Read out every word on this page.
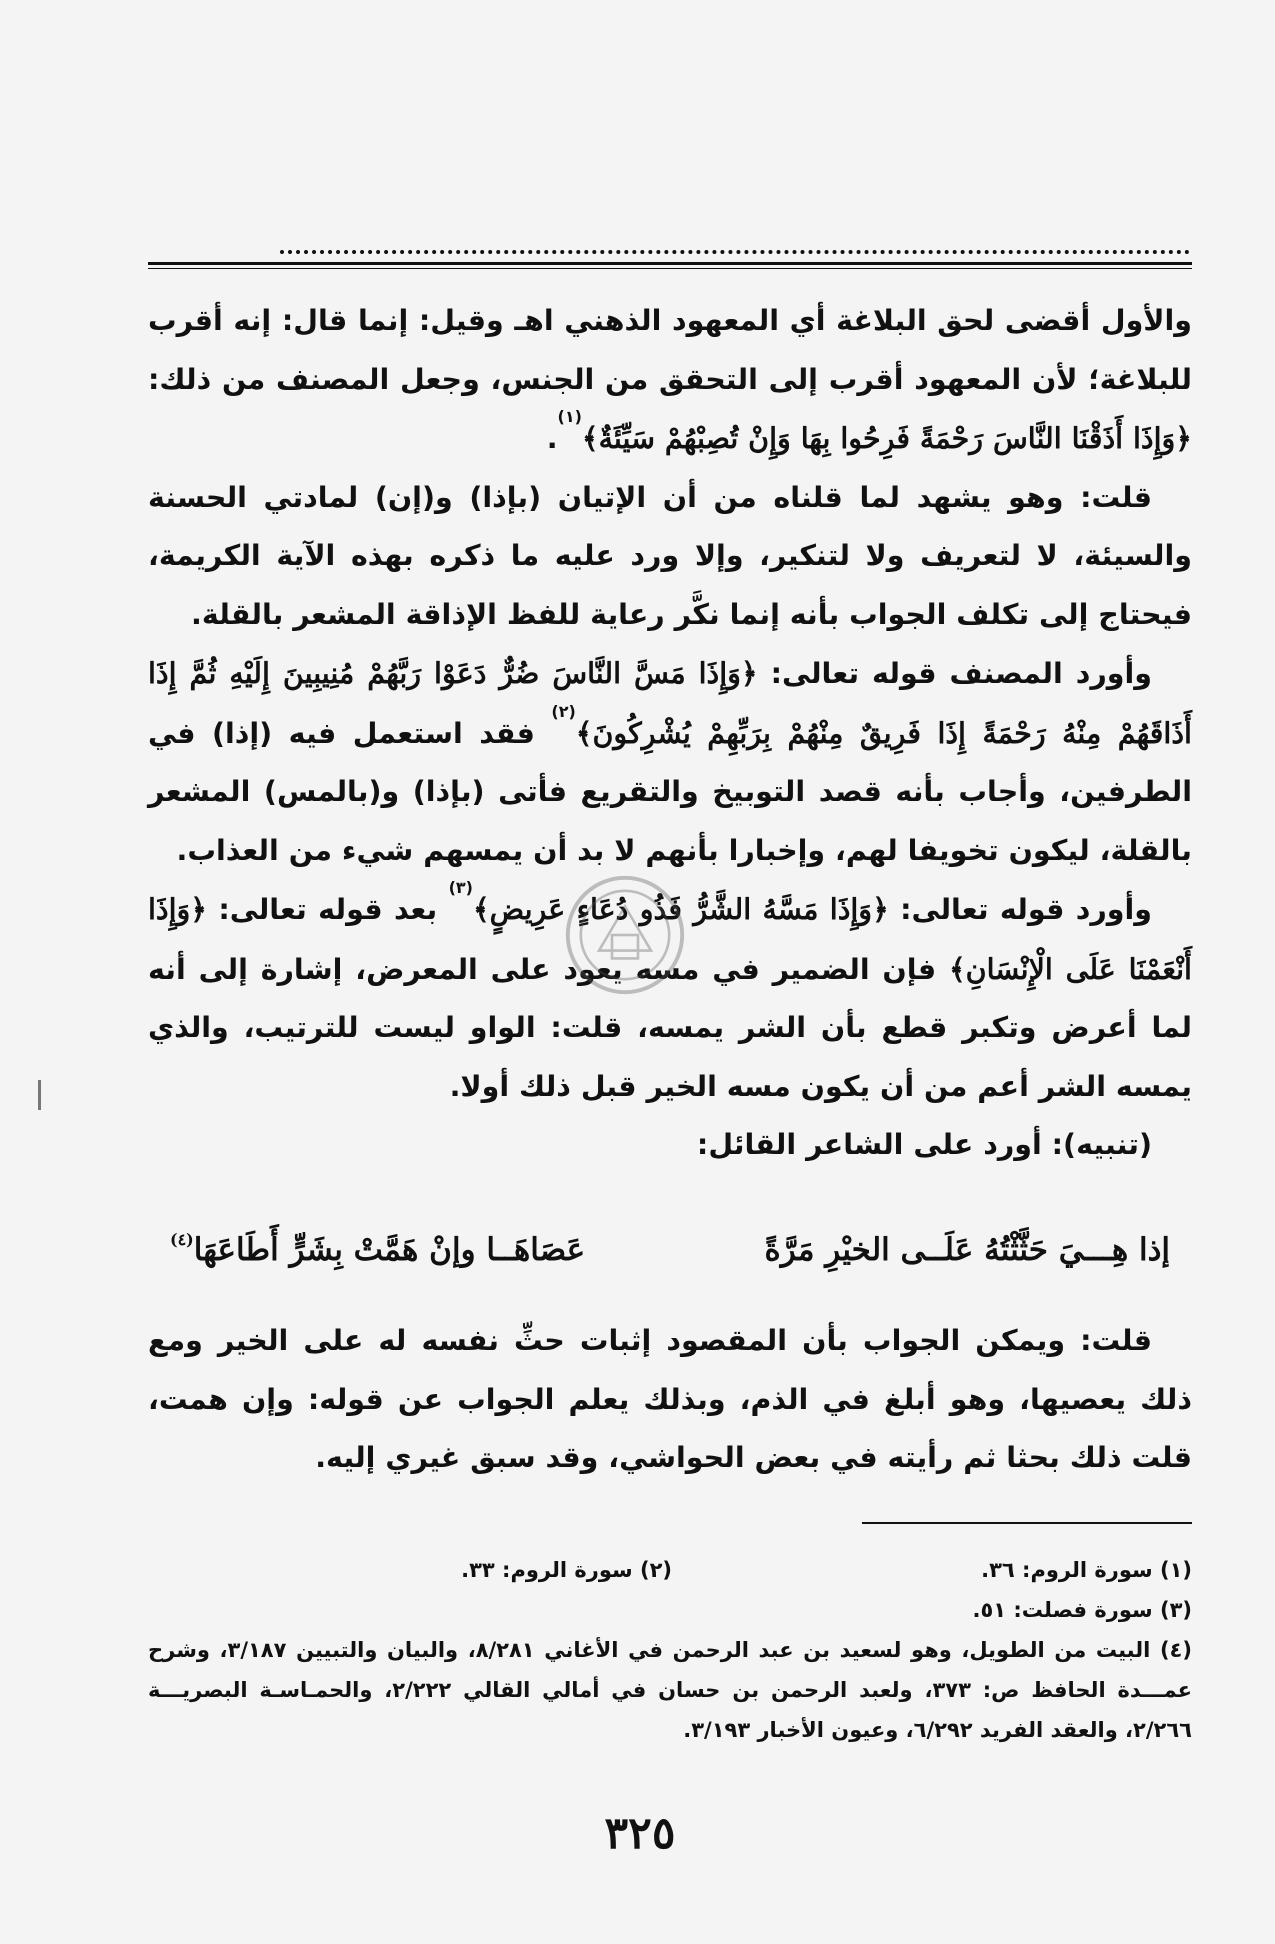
والأول أقضى لحق البلاغة أي المعهود الذهني اهـ وقيل: إنما قال: إنه أقرب للبلاغة؛ لأن المعهود أقرب إلى التحقق من الجنس، وجعل المصنف من ذلك: ﴿وَإِذَا أَذَقْنَا النَّاسَ رَحْمَةً فَرِحُوا بِهَا وَإِنْ تُصِبْهُمْ سَيِّئَةٌ﴾$^{(١)}$.

قلت: وهو يشهد لما قلناه من أن الإتيان (بإذا) و(إن) لمادتي الحسنة والسيئة، لا لتعريف ولا لتنكير، وإلا ورد عليه ما ذكره بهذه الآية الكريمة، فيحتاج إلى تكلف الجواب بأنه إنما نكَّر رعاية للفظ الإذاقة المشعر بالقلة.

وأورد المصنف قوله تعالى: ﴿وَإِذَا مَسَّ النَّاسَ ضُرٌّ دَعَوْا رَبَّهُمْ مُنِيبِينَ إِلَيْهِ ثُمَّ إِذَا أَذَاقَهُمْ مِنْهُ رَحْمَةً إِذَا فَرِيقٌ مِنْهُمْ بِرَبِّهِمْ يُشْرِكُونَ﴾$^{(٢)}$ فقد استعمل فيه (إذا) في الطرفين، وأجاب بأنه قصد التوبيخ والتقريع فأتى (بإذا) و(بالمس) المشعر بالقلة، ليكون تخويفا لهم، وإخبارا بأنهم لا بد أن يمسهم شيء من العذاب.

وأورد قوله تعالى: ﴿وَإِذَا مَسَّهُ الشَّرُّ فَذُو دُعَاءٍ عَرِيضٍ﴾$^{(٣)}$ بعد قوله تعالى: ﴿وَإِذَا أَنْعَمْنَا عَلَى الْإِنْسَانِ﴾ فإن الضمير في مسه يعود على المعرض، إشارة إلى أنه لما أعرض وتكبر قطع بأن الشر يمسه، قلت: الواو ليست للترتيب، والذي يمسه الشر أعم من أن يكون مسه الخير قبل ذلك أولا.

(تنبيه): أورد على الشاعر القائل:

إذا هِـــيَ حَثَّثْتُهُ عَلَــى الخيْرِ مَرَّةً
عَصَاهَــا وإنْ هَمَّتْ بِشَرٍّ أَطَاعَهَا$^{(٤)}$

قلت: ويمكن الجواب بأن المقصود إثبات حثِّ نفسه له على الخير ومع ذلك يعصيها، وهو أبلغ في الذم، وبذلك يعلم الجواب عن قوله: وإن همت، قلت ذلك بحثا ثم رأيته في بعض الحواشي، وقد سبق غيري إليه.

(١) سورة الروم: ٣٦.
(٢) سورة الروم: ٣٣.

(٣) سورة فصلت: ٥١.

(٤) البيت من الطويل، وهو لسعيد بن عبد الرحمن في الأغاني ٨/٢٨١، والبيان والتبيين ٣/١٨٧، وشرح عمـــدة الحافظ ص: ٣٧٣، ولعبد الرحمن بن حسان في أمالي القالي ٢/٢٢٢، والحمـاسـة البصريـــة ٢/٢٦٦، والعقد الفريد ٦/٢٩٢، وعيون الأخبار ٣/١٩٣.

٣٢٥
